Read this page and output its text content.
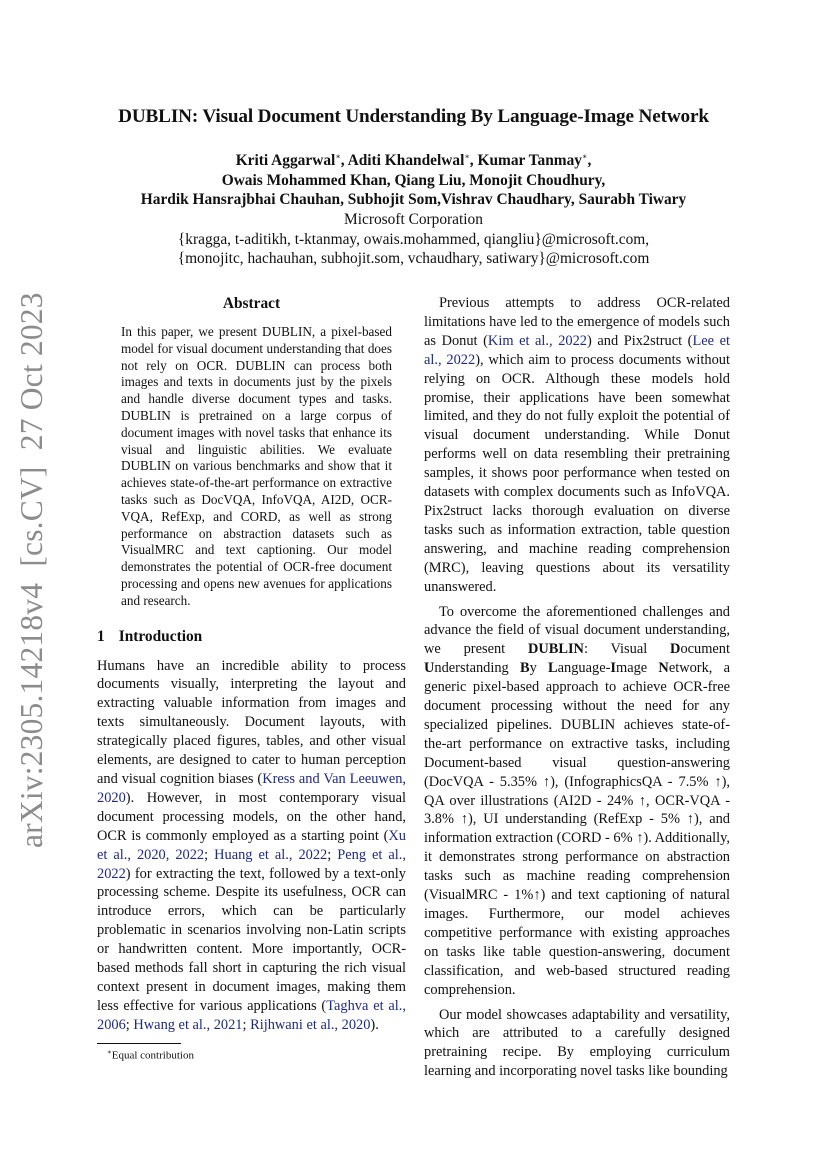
arXiv:2305.14218v4  [cs.CV]  27 Oct 2023
DUBLIN: Visual Document Understanding By Language-Image Network
Kriti Aggarwal∗, Aditi Khandelwal∗, Kumar Tanmay∗,
Owais Mohammed Khan, Qiang Liu, Monojit Choudhury,
Hardik Hansrajbhai Chauhan, Subhojit Som,Vishrav Chaudhary, Saurabh Tiwary
Microsoft Corporation
{kragga, t-aditikh, t-ktanmay, owais.mohammed, qiangliu}@microsoft.com,
{monojitc, hachauhan, subhojit.som, vchaudhary, satiwary}@microsoft.com
Abstract
In this paper, we present DUBLIN, a pixel-based model for visual document understanding that does not rely on OCR. DUBLIN can process both images and texts in documents just by the pixels and handle diverse document types and tasks. DUBLIN is pretrained on a large corpus of document images with novel tasks that enhance its visual and linguistic abilities. We evaluate DUBLIN on various benchmarks and show that it achieves state-of-the-art performance on extractive tasks such as DocVQA, InfoVQA, AI2D, OCR-VQA, RefExp, and CORD, as well as strong performance on abstraction datasets such as VisualMRC and text captioning. Our model demonstrates the potential of OCR-free document processing and opens new avenues for applications and research.
1 Introduction

Humans have an incredible ability to process documents visually, interpreting the layout and extracting valuable information from images and texts simultaneously. Document layouts, with strategically placed figures, tables, and other visual elements, are designed to cater to human perception and visual cognition biases (Kress and Van Leeuwen, 2020). However, in most contemporary visual document processing models, on the other hand, OCR is commonly employed as a starting point (Xu et al., 2020, 2022; Huang et al., 2022; Peng et al., 2022) for extracting the text, followed by a text-only processing scheme. Despite its usefulness, OCR can introduce errors, which can be particularly problematic in scenarios involving non-Latin scripts or handwritten content. More importantly, OCR-based methods fall short in capturing the rich visual context present in document images, making them less effective for various applications (Taghva et al., 2006; Hwang et al., 2021; Rijhwani et al., 2020).

∗Equal contribution

Previous attempts to address OCR-related limitations have led to the emergence of models such as Donut (Kim et al., 2022) and Pix2struct (Lee et al., 2022), which aim to process documents without relying on OCR. Although these models hold promise, their applications have been somewhat limited, and they do not fully exploit the potential of visual document understanding. While Donut performs well on data resembling their pretraining samples, it shows poor performance when tested on datasets with complex documents such as InfoVQA. Pix2struct lacks thorough evaluation on diverse tasks such as information extraction, table question answering, and machine reading comprehension (MRC), leaving questions about its versatility unanswered.

To overcome the aforementioned challenges and advance the field of visual document understanding, we present DUBLIN: Visual Document Understanding By Language-Image Network, a generic pixel-based approach to achieve OCR-free document processing without the need for any specialized pipelines. DUBLIN achieves state-of-the-art performance on extractive tasks, including Document-based visual question-answering (DocVQA - 5.35% ↑), (InfographicsQA - 7.5% ↑), QA over illustrations (AI2D - 24% ↑, OCR-VQA - 3.8% ↑), UI understanding (RefExp - 5% ↑), and information extraction (CORD - 6% ↑). Additionally, it demonstrates strong performance on abstraction tasks such as machine reading comprehension (VisualMRC - 1%↑) and text captioning of natural images. Furthermore, our model achieves competitive performance with existing approaches on tasks like table question-answering, document classification, and web-based structured reading comprehension.

Our model showcases adaptability and versatility, which are attributed to a carefully designed pretraining recipe. By employing curriculum learning and incorporating novel tasks like bounding
